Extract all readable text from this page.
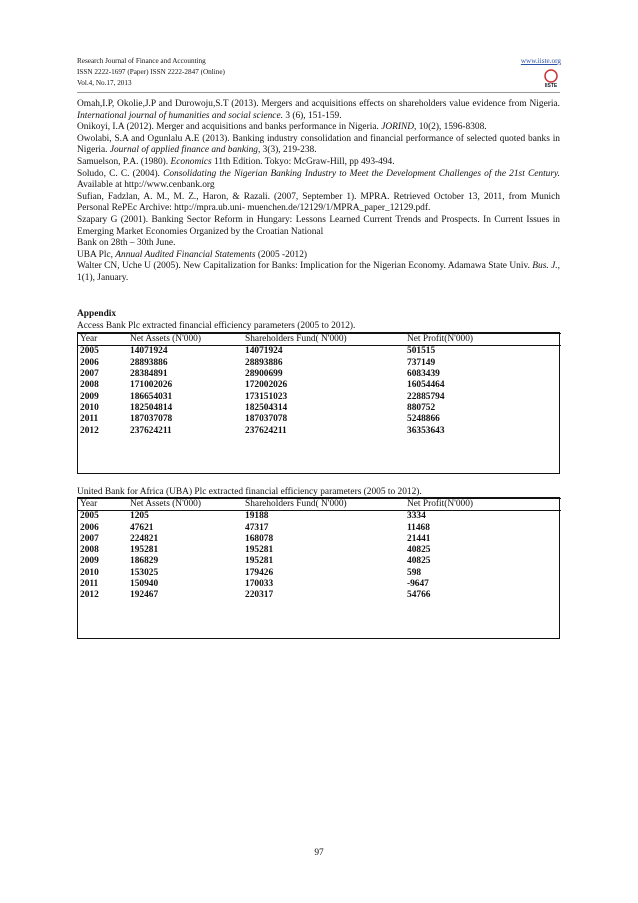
Research Journal of Finance and Accounting
ISSN 2222-1697 (Paper) ISSN 2222-2847 (Online)
Vol.4, No.17, 2013
www.iiste.org
IISTE

Omah,I.P, Okolie,J.P and Durowoju,S.T (2013). Mergers and acquisitions effects on shareholders value evidence from Nigeria. International journal of humanities and social science. 3 (6), 151-159.

Onikoyi, I.A (2012). Merger and acquisitions and banks performance in Nigeria. JORIND, 10(2), 1596-8308.

Owolabi, S.A and Ogunlalu A.E (2013). Banking industry consolidation and financial performance of selected quoted banks in Nigeria. Journal of applied finance and banking, 3(3), 219-238.

Samuelson, P.A. (1980). Economics 11th Edition. Tokyo: McGraw-Hill, pp 493-494.

Soludo, C. C. (2004). Consolidating the Nigerian Banking Industry to Meet the Development Challenges of the 21st Century. Available at http://www.cenbank.org

Sufian, Fadzlan, A. M., M. Z., Haron, & Razali. (2007, September 1). MPRA. Retrieved October 13, 2011, from Munich Personal RePEc Archive: http://mpra.ub.uni- muenchen.de/12129/1/MPRA_paper_12129.pdf.

Szapary G (2001). Banking Sector Reform in Hungary: Lessons Learned Current Trends and Prospects. In Current Issues in Emerging Market Economies Organized by the Croatian National

Bank on 28th – 30th June.

UBA Plc, Annual Audited Financial Statements (2005 -2012)

Walter CN, Uche U (2005). New Capitalization for Banks: Implication for the Nigerian Economy. Adamawa State Univ. Bus. J., 1(1), January.

Appendix
Access Bank Plc extracted financial efficiency parameters (2005 to 2012).
Year	Net Assets (N'000)	Shareholders Fund( N'000)	Net Profit(N'000)
2005	14071924	14071924	501515
2006	28893886	28893886	737149
2007	28384891	28900699	6083439
2008	171002026	172002026	16054464
2009	186654031	173151023	22885794
2010	182504814	182504314	880752
2011	187037078	187037078	5248866
2012	237624211	237624211	36353643

United Bank for Africa (UBA) Plc extracted financial efficiency parameters (2005 to 2012).
Year	Net Assets (N'000)	Shareholders Fund( N'000)	Net Profit(N'000)
2005	1205	19188	3334
2006	47621	47317	11468
2007	224821	168078	21441
2008	195281	195281	40825
2009	186829	195281	40825
2010	153025	179426	598
2011	150940	170033	-9647
2012	192467	220317	54766

97
